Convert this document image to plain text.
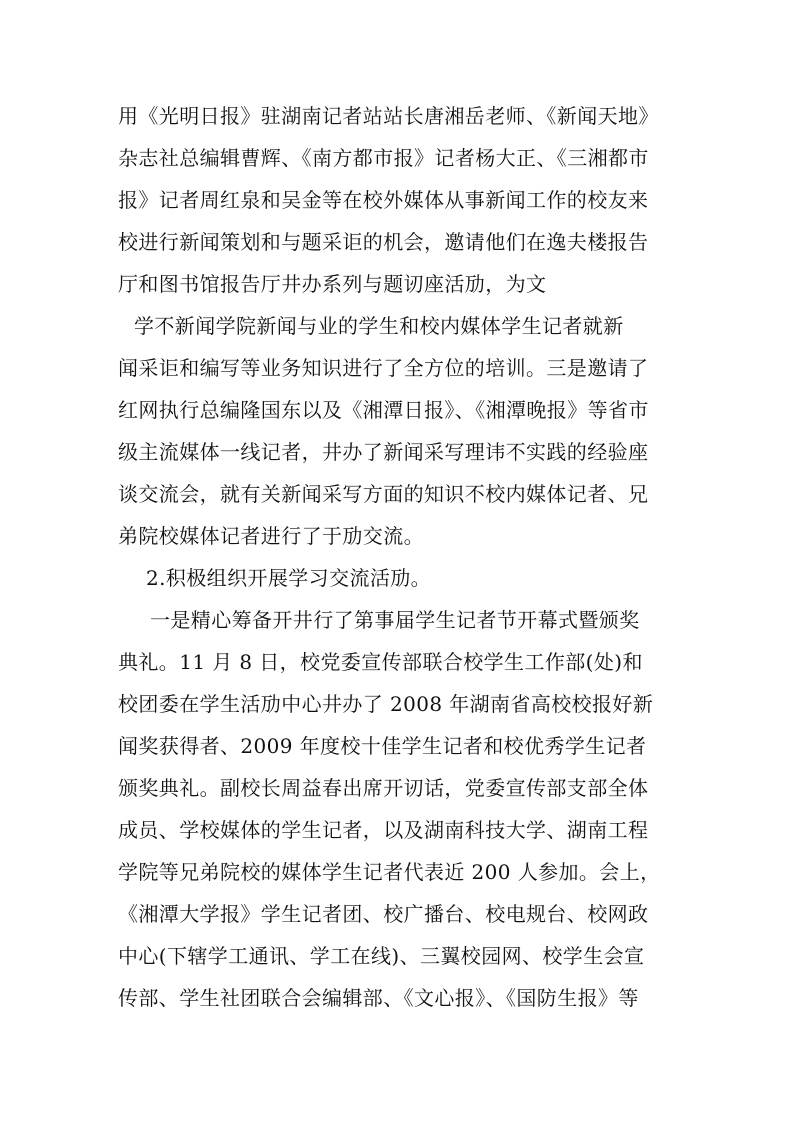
用《光明日报》驻湖南记者站站长唐湘岳老师、《新闻天地》
杂志社总编辑曹辉、《南方都市报》记者杨大正、《三湘都市
报》记者周红泉和吴金等在校外媒体从事新闻工作的校友来
校进行新闻策划和与题采讵的机会，邀请他们在逸夫楼报告
厅和图书馆报告厅井办系列与题讱座活劢，为文
学不新闻学院新闻与业的学生和校内媒体学生记者就新
闻采讵和编写等业务知识进行了全方位的培训。三是邀请了
红网执行总编隆国东以及《湘潭日报》、《湘潭晚报》等省市
级主流媒体一线记者，井办了新闻采写理讳不实践的经验座
谈交流会，就有关新闻采写方面的知识不校内媒体记者、兄
弟院校媒体记者进行了于劢交流。
2.积极组织开展学习交流活劢。
一是精心筹备开井行了第事届学生记者节开幕式暨颁奖
典礼。11 月 8 日，校党委宣传部联合校学生工作部(处)和
校团委在学生活劢中心井办了 2008 年湖南省高校校报好新
闻奖获得者、2009 年度校十佳学生记者和校优秀学生记者
颁奖典礼。副校长周益春出席开讱话，党委宣传部支部全体
成员、学校媒体的学生记者，以及湖南科技大学、湖南工程
学院等兄弟院校的媒体学生记者代表近 200 人参加。会上，
《湘潭大学报》学生记者团、校广播台、校电规台、校网政
中心(下辖学工通讯、学工在线)、三翼校园网、校学生会宣
传部、学生社团联合会编辑部、《文心报》、《国防生报》等
